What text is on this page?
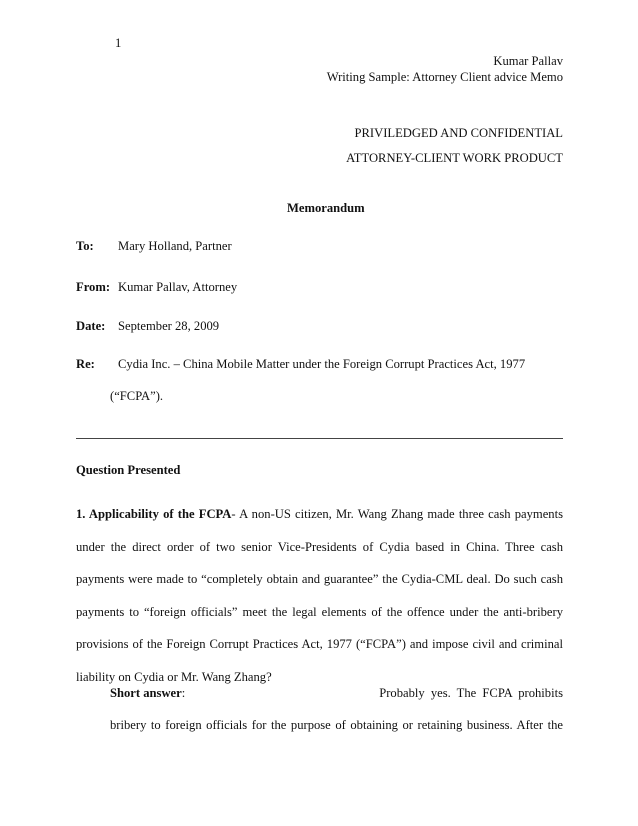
1
Kumar Pallav
Writing Sample: Attorney Client advice Memo
PRIVILEDGED AND CONFIDENTIAL
ATTORNEY-CLIENT WORK PRODUCT
Memorandum
To: Mary Holland, Partner
From: Kumar Pallav, Attorney
Date: September 28, 2009
Re: Cydia Inc. – China Mobile Matter under the Foreign Corrupt Practices Act, 1977
(“FCPA”).
Question Presented
1. Applicability of the FCPA- A non-US citizen, Mr. Wang Zhang made three cash payments under the direct order of two senior Vice-Presidents of Cydia based in China. Three cash payments were made to “completely obtain and guarantee” the Cydia-CML deal. Do such cash payments to “foreign officials” meet the legal elements of the offence under the anti-bribery provisions of the Foreign Corrupt Practices Act, 1977 (“FCPA”) and impose civil and criminal liability on Cydia or Mr. Wang Zhang?
Short answer:	Probably yes. The FCPA prohibits
bribery to foreign officials for the purpose of obtaining or retaining business. After the
